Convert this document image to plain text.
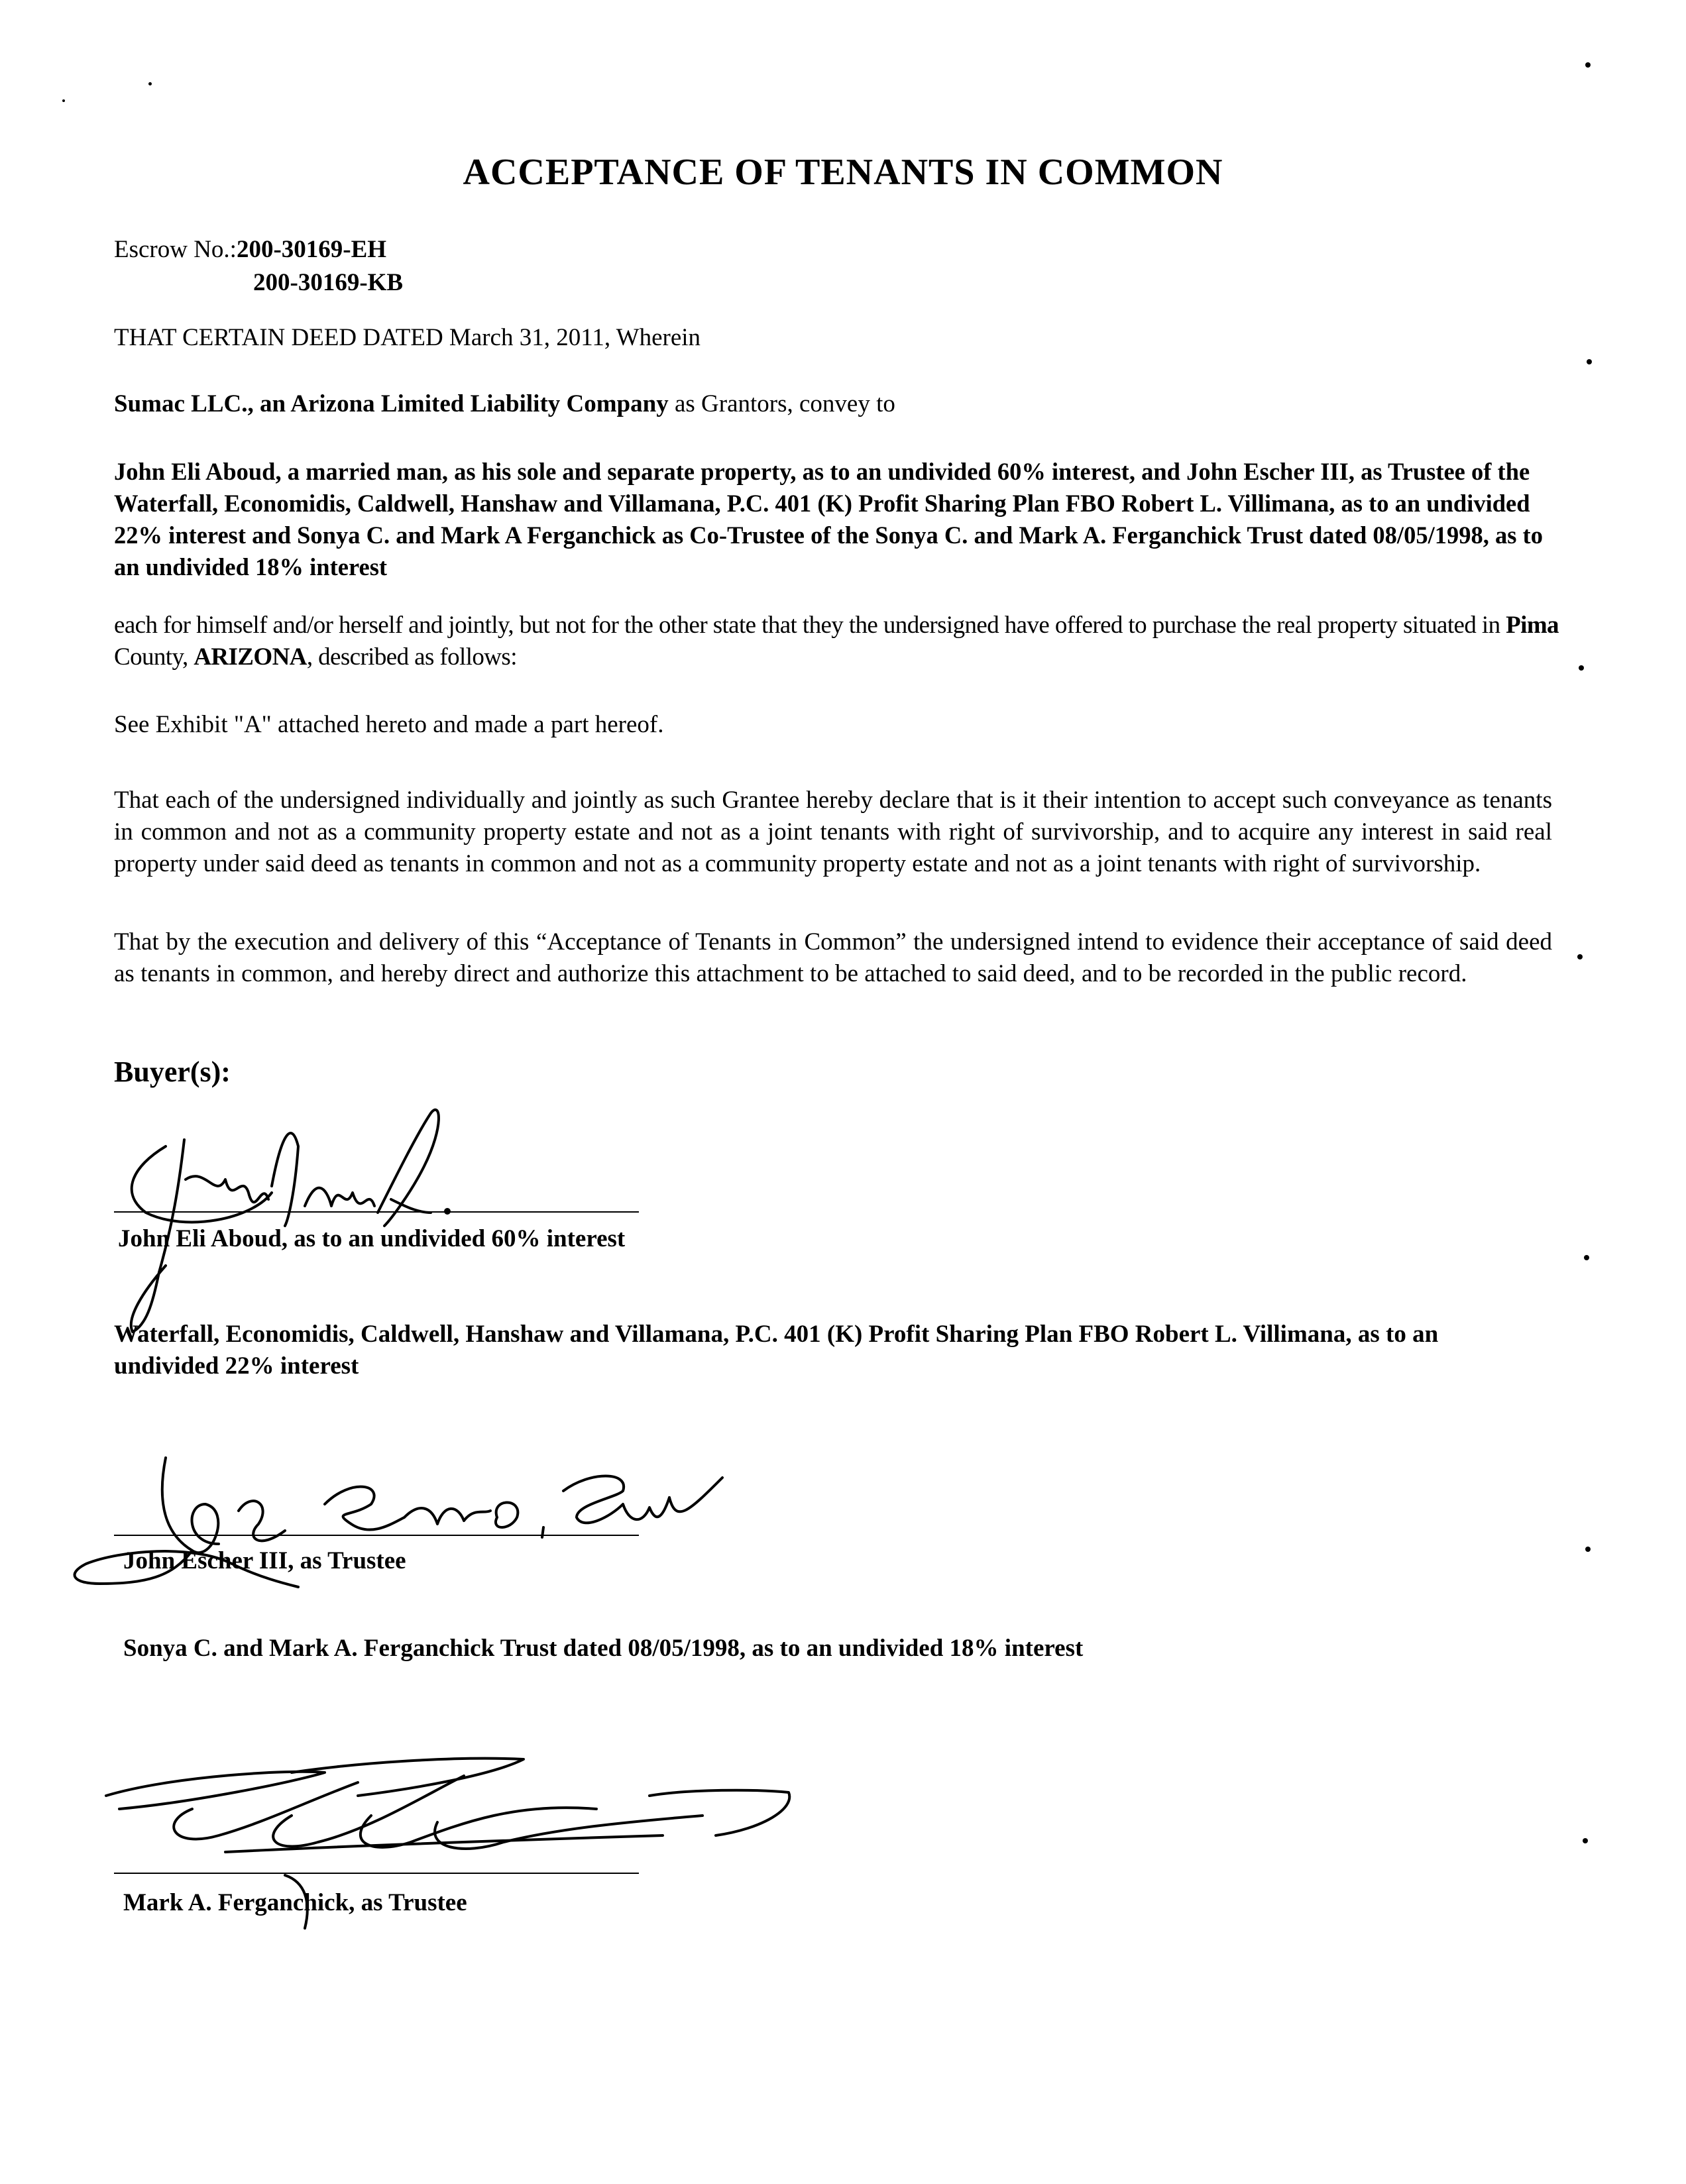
ACCEPTANCE OF TENANTS IN COMMON
Escrow No.:200-30169-EH
200-30169-KB
THAT CERTAIN DEED DATED March 31, 2011, Wherein
Sumac LLC., an Arizona Limited Liability Company as Grantors, convey to
John Eli Aboud, a married man, as his sole and separate property, as to an undivided 60% interest, and John Escher III, as Trustee of the Waterfall, Economidis, Caldwell, Hanshaw and Villamana, P.C. 401 (K) Profit Sharing Plan FBO Robert L. Villimana, as to an undivided 22% interest and Sonya C. and Mark A Ferganchick as Co-Trustee of the Sonya C. and Mark A. Ferganchick Trust dated 08/05/1998, as to an undivided 18% interest
each for himself and/or herself and jointly, but not for the other state that they the undersigned have offered to purchase the real property situated in Pima County, ARIZONA, described as follows:
See Exhibit "A" attached hereto and made a part hereof.
That each of the undersigned individually and jointly as such Grantee hereby declare that is it their intention to accept such conveyance as tenants in common and not as a community property estate and not as a joint tenants with right of survivorship, and to acquire any interest in said real property under said deed as tenants in common and not as a community property estate and not as a joint tenants with right of survivorship.
That by the execution and delivery of this “Acceptance of Tenants in Common” the undersigned intend to evidence their acceptance of said deed as tenants in common, and hereby direct and authorize this attachment to be attached to said deed, and to be recorded in the public record.
Buyer(s):
John Eli Aboud, as to an undivided 60% interest
Waterfall, Economidis, Caldwell, Hanshaw and Villamana, P.C. 401 (K) Profit Sharing Plan FBO Robert L. Villimana, as to an undivided 22% interest
John Escher III, as Trustee
Sonya C. and Mark A. Ferganchick Trust dated 08/05/1998, as to an undivided 18% interest
Mark A. Ferganchick, as Trustee
